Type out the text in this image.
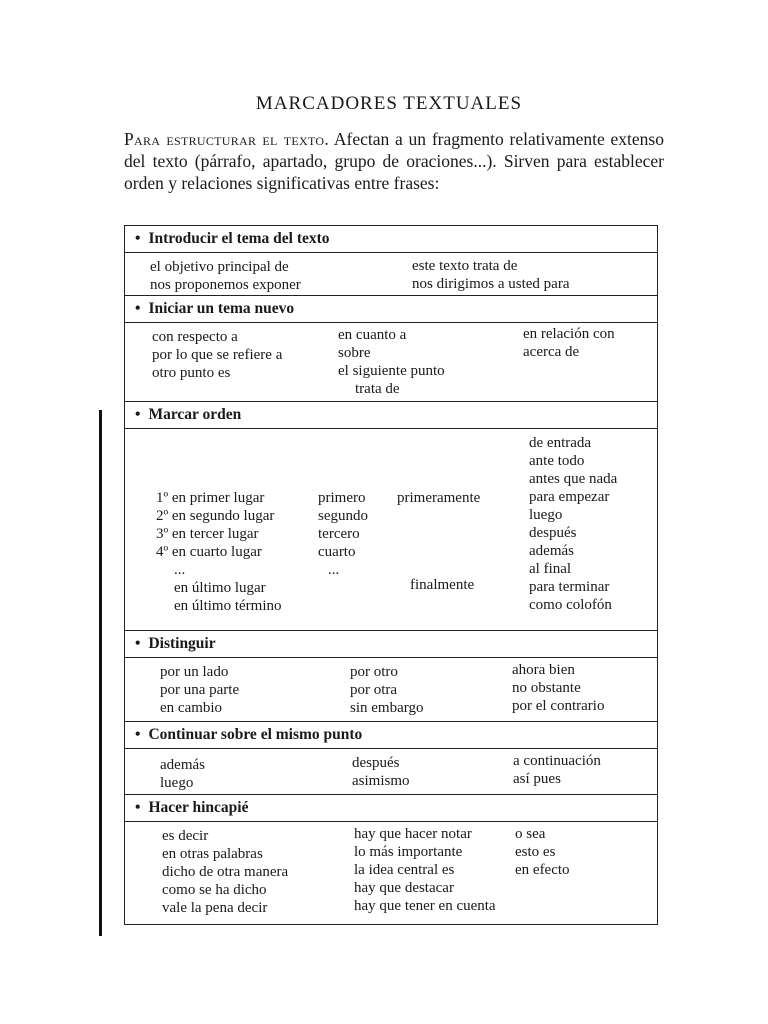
MARCADORES TEXTUALES
Para estructurar el texto. Afectan a un fragmento relativamente extenso del texto (párrafo, apartado, grupo de oraciones...). Sirven para establecer orden y relaciones significativas entre frases:
• Introducir el tema del texto
el objetivo principal de
nos proponemos exponer
este texto trata de
nos dirigimos a usted para
• Iniciar un tema nuevo
con respecto a
por lo que se refiere a
otro punto es
en cuanto a
sobre
el siguiente punto
trata de
en relación con
acerca de
• Marcar orden
1º en primer lugar
2º en segundo lugar
3º en tercer lugar
4º en cuarto lugar
...
en último lugar
en último término
primero
segundo
tercero
cuarto
...
primeramente
finalmente
de entrada
ante todo
antes que nada
para empezar
luego
después
además
al final
para terminar
como colofón
• Distinguir
por un lado
por una parte
en cambio
por otro
por otra
sin embargo
ahora bien
no obstante
por el contrario
• Continuar sobre el mismo punto
además
luego
después
asimismo
a continuación
así pues
• Hacer hincapié
es decir
en otras palabras
dicho de otra manera
como se ha dicho
vale la pena decir
hay que hacer notar
lo más importante
la idea central es
hay que destacar
hay que tener en cuenta
o sea
esto es
en efecto
